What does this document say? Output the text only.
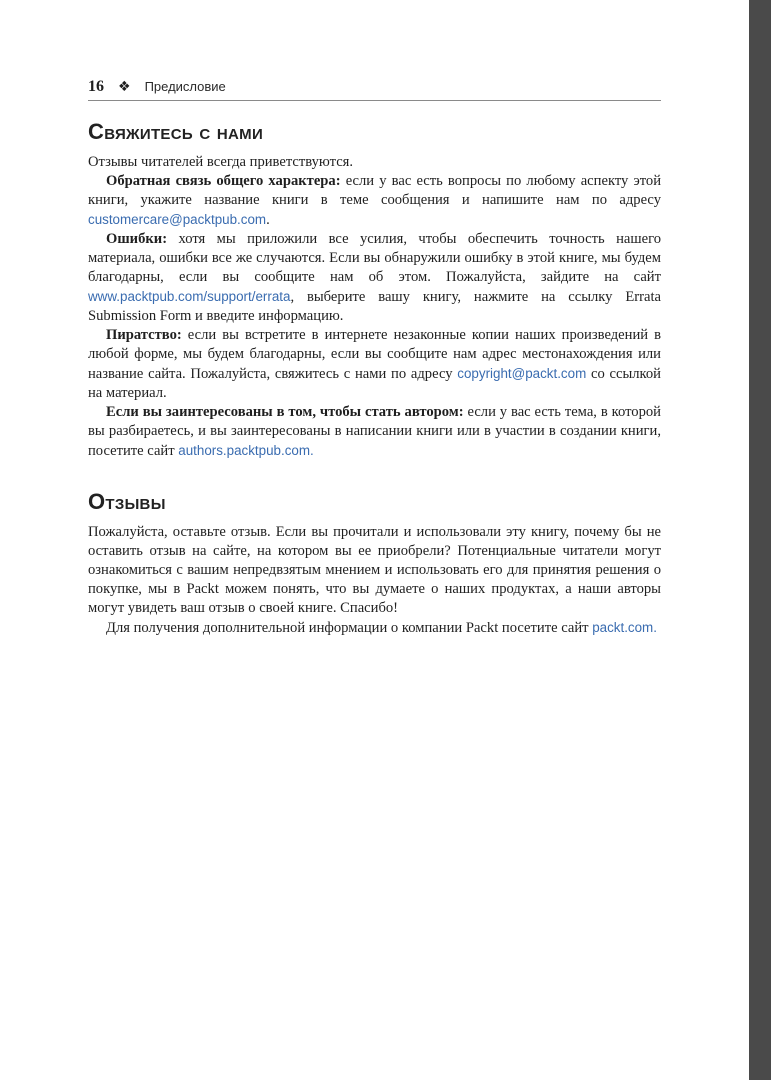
16 ❖ Предисловие
Свяжитесь с нами

Отзывы читателей всегда приветствуются.

Обратная связь общего характера: если у вас есть вопросы по любому аспекту этой книги, укажите название книги в теме сообщения и напишите нам по адресу customercare@packtpub.com.

Ошибки: хотя мы приложили все усилия, чтобы обеспечить точность нашего материала, ошибки все же случаются. Если вы обнаружили ошибку в этой книге, мы будем благодарны, если вы сообщите нам об этом. Пожалуйста, зайдите на сайт www.packtpub.com/support/errata, выберите вашу книгу, нажмите на ссылку Errata Submission Form и введите информацию.

Пиратство: если вы встретите в интернете незаконные копии наших произведений в любой форме, мы будем благодарны, если вы сообщите нам адрес местонахождения или название сайта. Пожалуйста, свяжитесь с нами по адресу copyright@packt.com со ссылкой на материал.

Если вы заинтересованы в том, чтобы стать автором: если у вас есть тема, в которой вы разбираетесь, и вы заинтересованы в написании книги или в участии в создании книги, посетите сайт authors.packtpub.com.

Отзывы

Пожалуйста, оставьте отзыв. Если вы прочитали и использовали эту книгу, почему бы не оставить отзыв на сайте, на котором вы ее приобрели? Потенциальные читатели могут ознакомиться с вашим непредвзятым мнением и использовать его для принятия решения о покупке, мы в Packt можем понять, что вы думаете о наших продуктах, а наши авторы могут увидеть ваш отзыв о своей книге. Спасибо!

Для получения дополнительной информации о компании Packt посетите сайт packt.com.
